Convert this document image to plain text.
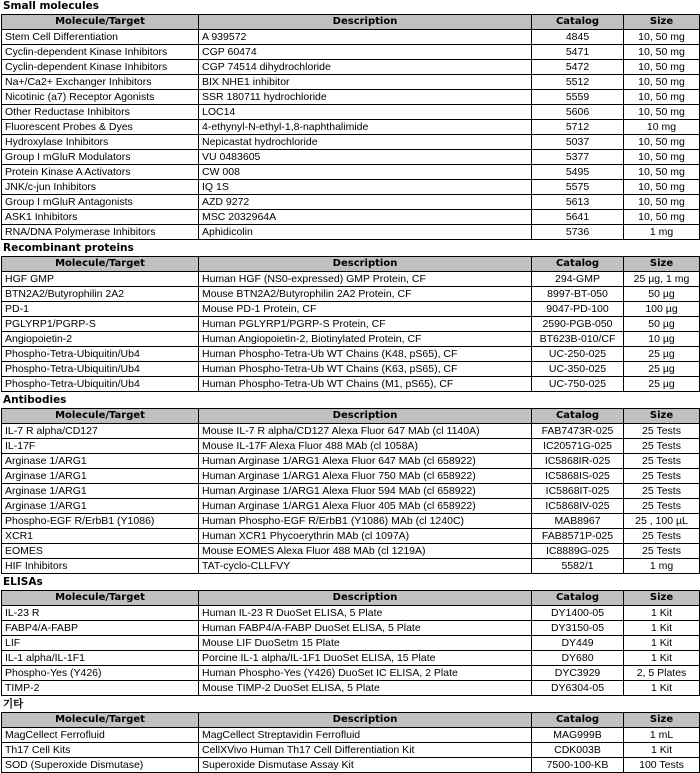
Small molecules
Molecule/Target	Description	Catalog	Size
Stem Cell Differentiation	A 939572	4845	10, 50 mg
Cyclin-dependent Kinase Inhibitors	CGP 60474	5471	10, 50 mg
Cyclin-dependent Kinase Inhibitors	CGP 74514 dihydrochloride	5472	10, 50 mg
Na+/Ca2+ Exchanger Inhibitors	BIX NHE1 inhibitor	5512	10, 50 mg
Nicotinic (a7) Receptor Agonists	SSR 180711 hydrochloride	5559	10, 50 mg
Other Reductase Inhibitors	LOC14	5606	10, 50 mg
Fluorescent Probes & Dyes	4-ethynyl-N-ethyl-1,8-naphthalimide	5712	10 mg
Hydroxylase Inhibitors	Nepicastat hydrochloride	5037	10, 50 mg
Group I mGluR Modulators	VU 0483605	5377	10, 50 mg
Protein Kinase A Activators	CW 008	5495	10, 50 mg
JNK/c-jun Inhibitors	IQ 1S	5575	10, 50 mg
Group I mGluR Antagonists	AZD 9272	5613	10, 50 mg
ASK1 Inhibitors	MSC 2032964A	5641	10, 50 mg
RNA/DNA Polymerase Inhibitors	Aphidicolin	5736	1 mg
Recombinant proteins
Molecule/Target	Description	Catalog	Size
HGF GMP	Human HGF (NS0-expressed) GMP Protein, CF	294-GMP	25 µg, 1 mg
BTN2A2/Butyrophilin 2A2	Mouse BTN2A2/Butyrophilin 2A2 Protein, CF	8997-BT-050	50 µg
PD-1	Mouse PD-1 Protein, CF	9047-PD-100	100 µg
PGLYRP1/PGRP-S	Human PGLYRP1/PGRP-S Protein, CF	2590-PGB-050	50 µg
Angiopoietin-2	Human Angiopoietin-2, Biotinylated Protein, CF	BT623B-010/CF	10 µg
Phospho-Tetra-Ubiquitin/Ub4	Human Phospho-Tetra-Ub WT Chains (K48, pS65), CF	UC-250-025	25 µg
Phospho-Tetra-Ubiquitin/Ub4	Human Phospho-Tetra-Ub WT Chains (K63, pS65), CF	UC-350-025	25 µg
Phospho-Tetra-Ubiquitin/Ub4	Human Phospho-Tetra-Ub WT Chains (M1, pS65), CF	UC-750-025	25 µg
Antibodies
Molecule/Target	Description	Catalog	Size
IL-7 R alpha/CD127	Mouse IL-7 R alpha/CD127 Alexa Fluor 647 MAb (cl 1140A)	FAB7473R-025	25 Tests
IL-17F	Mouse IL-17F Alexa Fluor 488 MAb (cl 1058A)	IC20571G-025	25 Tests
Arginase 1/ARG1	Human Arginase 1/ARG1 Alexa Fluor 647 MAb (cl 658922)	IC5868IR-025	25 Tests
Arginase 1/ARG1	Human Arginase 1/ARG1 Alexa Fluor 750 MAb (cl 658922)	IC5868IS-025	25 Tests
Arginase 1/ARG1	Human Arginase 1/ARG1 Alexa Fluor 594 MAb (cl 658922)	IC5868IT-025	25 Tests
Arginase 1/ARG1	Human Arginase 1/ARG1 Alexa Fluor 405 MAb (cl 658922)	IC5868IV-025	25 Tests
Phospho-EGF R/ErbB1 (Y1086)	Human Phospho-EGF R/ErbB1 (Y1086) MAb (cl 1240C)	MAB8967	25 , 100 µL
XCR1	Human XCR1 Phycoerythrin MAb (cl 1097A)	FAB8571P-025	25 Tests
EOMES	Mouse EOMES Alexa Fluor 488 MAb (cl 1219A)	IC8889G-025	25 Tests
HIF Inhibitors	TAT-cyclo-CLLFVY	5582/1	1 mg
ELISAs
Molecule/Target	Description	Catalog	Size
IL-23 R	Human IL-23 R DuoSet ELISA, 5 Plate	DY1400-05	1 Kit
FABP4/A-FABP	Human FABP4/A-FABP DuoSet ELISA, 5 Plate	DY3150-05	1 Kit
LIF	Mouse LIF DuoSetm 15 Plate	DY449	1 Kit
IL-1 alpha/IL-1F1	Porcine IL-1 alpha/IL-1F1 DuoSet ELISA, 15 Plate	DY680	1 Kit
Phospho-Yes (Y426)	Human Phospho-Yes (Y426) DuoSet IC ELISA, 2 Plate	DYC3929	2, 5 Plates
TIMP-2	Mouse TIMP-2 DuoSet ELISA, 5 Plate	DY6304-05	1 Kit
기타
Molecule/Target	Description	Catalog	Size
MagCellect Ferrofluid	MagCellect Streptavidin Ferrofluid	MAG999B	1 mL
Th17 Cell Kits	CellXVivo Human Th17 Cell Differentiation Kit	CDK003B	1 Kit
SOD (Superoxide Dismutase)	Superoxide Dismutase Assay Kit	7500-100-KB	100 Tests
